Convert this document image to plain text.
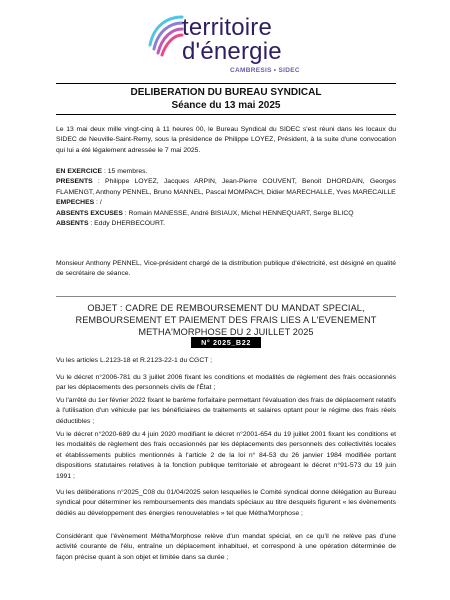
territoire
d'énergie
CAMBRESIS • SIDEC
DELIBERATION DU BUREAU SYNDICAL
Séance du 13 mai 2025
Le 13 mai deux mille vingt-cinq à 11 heures 00, le Bureau Syndical du SIDEC s'est réuni dans les locaux du SIDEC de Neuville-Saint-Remy, sous la présidence de Philippe LOYEZ, Président, à la suite d'une convocation qui lui a été légalement adressée le 7 mai 2025.
EN EXERCICE : 15 membres.
PRESENTS : Philippe LOYEZ, Jacques ARPIN, Jean-Pierre COUVENT, Benoit DHORDAIN, Georges FLAMENGT, Anthony PENNEL, Bruno MANNEL, Pascal MOMPACH, Didier MARECHALLE, Yves MARECAILLE
EMPECHES : /
ABSENTS EXCUSES : Romain MANESSE, André BISIAUX, Michel HENNEQUART, Serge BLICQ
ABSENTS : Eddy DHERBECOURT.
Monsieur Anthony PENNEL, Vice-président chargé de la distribution publique d'électricité, est désigné en qualité de secrétaire de séance.
OBJET : CADRE DE REMBOURSEMENT DU MANDAT SPECIAL, REMBOURSEMENT ET PAIEMENT DES FRAIS LIES A L'EVENEMENT METHA'MORPHOSE DU 2 JUILLET 2025
N° 2025_B22
Vu les articles L.2123-18 et R.2123-22-1 du CGCT ;
Vu le décret n°2006-781 du 3 juillet 2006 fixant les conditions et modalités de règlement des frais occasionnés par les déplacements des personnels civils de l'État ;
Vu l'arrêté du 1er février 2022 fixant le barème forfaitaire permettant l'évaluation des frais de déplacement relatifs à l'utilisation d'un véhicule par les bénéficiaires de traitements et salaires optant pour le régime des frais réels déductibles ;
Vu le décret n°2020-689 du 4 juin 2020 modifiant le décret n°2001-654 du 19 juillet 2001 fixant les conditions et les modalités de règlement des frais occasionnés par les déplacements des personnels des collectivités locales et établissements publics mentionnés à l'article 2 de la loi n° 84-53 du 26 janvier 1984 modifiée portant dispositions statutaires relatives à la fonction publique territoriale et abrogeant le décret n°91-573 du 19 juin 1991 ;
Vu les délibérations n°2025_C08 du 01/04/2025 selon lesquelles le Comité syndical donne délégation au Bureau syndical pour déterminer les remboursements des mandats spéciaux au titre desquels figurent « les évènements dédiés au développement des énergies renouvelables » tel que Métha'Morphose ;
Considérant que l'évènement Métha'Morphose relève d'un mandat spécial, en ce qu'il ne relève pas d'une activité courante de l'élu, entraîne un déplacement inhabituel, et correspond à une opération déterminée de façon précise quant à son objet et limitée dans sa durée ;
